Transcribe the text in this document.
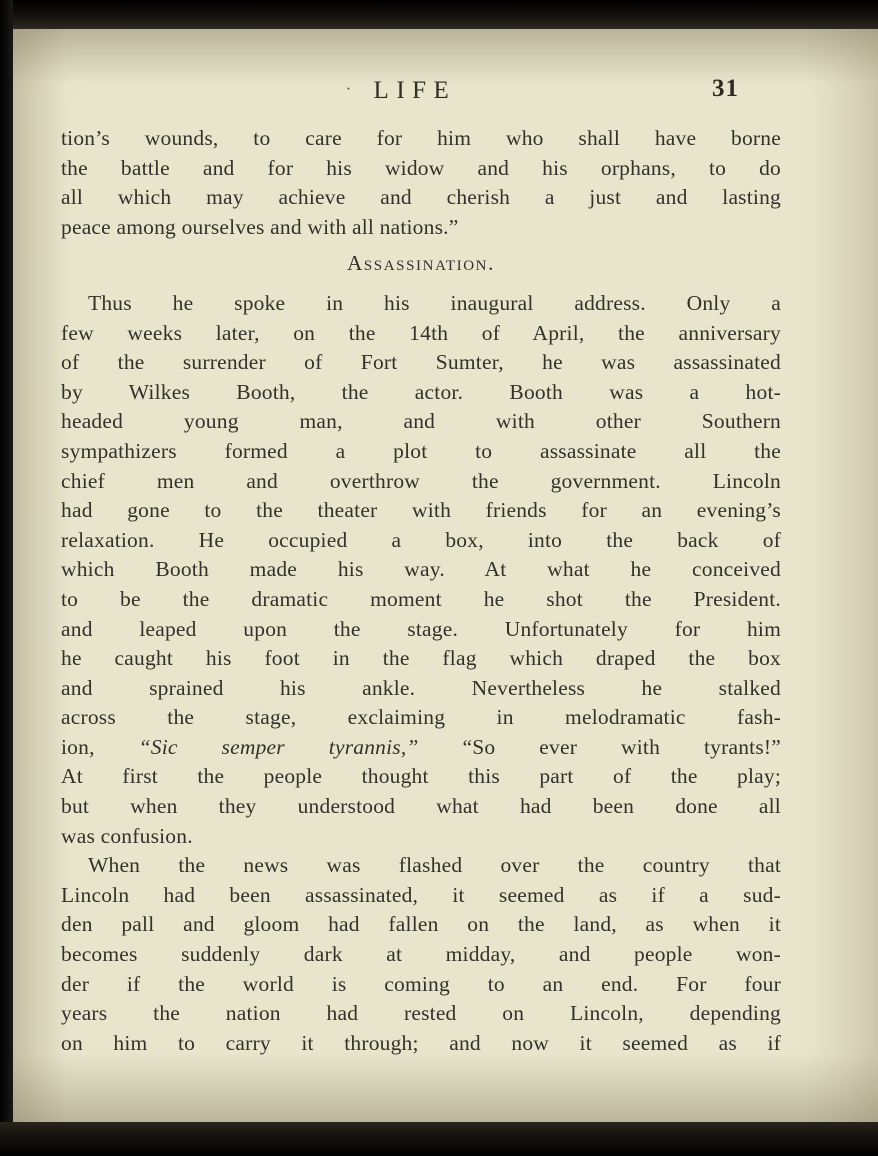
· LIFE	31
tion’s wounds, to care for him who shall have borne
the battle and for his widow and his orphans, to do
all which may achieve and cherish a just and lasting
peace among ourselves and with all nations.”
Assassination.
Thus he spoke in his inaugural address. Only a
few weeks later, on the 14th of April, the anniversary
of the surrender of Fort Sumter, he was assassinated
by Wilkes Booth, the actor. Booth was a hot-
headed young man, and with other Southern
sympathizers formed a plot to assassinate all the
chief men and overthrow the government. Lincoln
had gone to the theater with friends for an evening’s
relaxation. He occupied a box, into the back of
which Booth made his way. At what he conceived
to be the dramatic moment he shot the President.
and leaped upon the stage. Unfortunately for him
he caught his foot in the flag which draped the box
and sprained his ankle. Nevertheless he stalked
across the stage, exclaiming in melodramatic fash-
ion, “Sic semper tyrannis,” “So ever with tyrants!”
At first the people thought this part of the play;
but when they understood what had been done all
was confusion.
When the news was flashed over the country that
Lincoln had been assassinated, it seemed as if a sud-
den pall and gloom had fallen on the land, as when it
becomes suddenly dark at midday, and people won-
der if the world is coming to an end. For four
years the nation had rested on Lincoln, depending
on him to carry it through; and now it seemed as if
